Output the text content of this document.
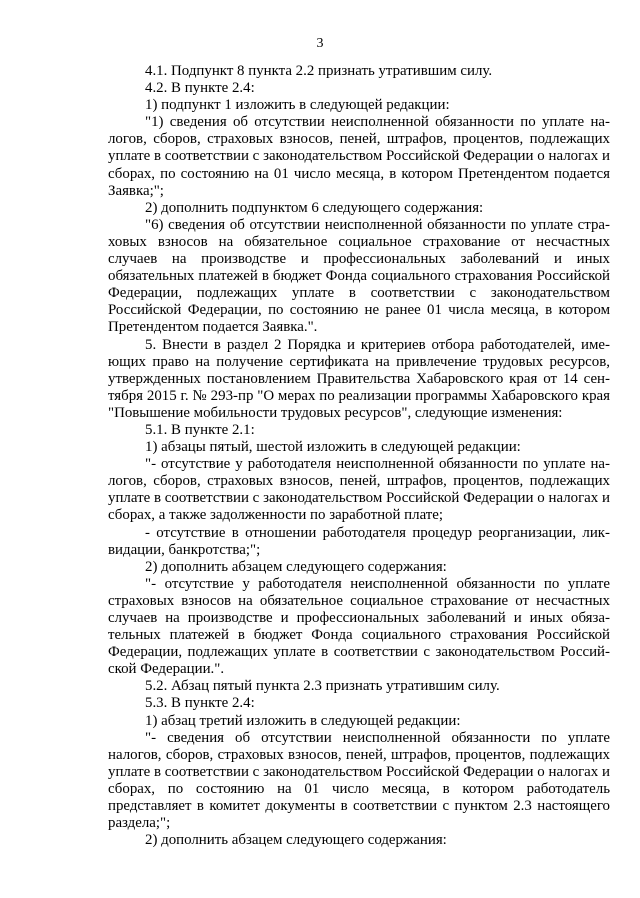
3

4.1. Подпункт 8 пункта 2.2 признать утратившим силу.

4.2. В пункте 2.4:

1) подпункт 1 изложить в следующей редакции:

"1) сведения об отсутствии неисполненной обязанности по уплате налогов, сборов, страховых взносов, пеней, штрафов, процентов, подлежащих уплате в соответствии с законодательством Российской Федерации о налогах и сборах, по состоянию на 01 число месяца, в котором Претендентом подается Заявка;";

2) дополнить подпунктом 6 следующего содержания:

"6) сведения об отсутствии неисполненной обязанности по уплате страховых взносов на обязательное социальное страхование от несчастных случаев на производстве и профессиональных заболеваний и иных обязательных платежей в бюджет Фонда социального страхования Российской Федерации, подлежащих уплате в соответствии с законодательством Российской Федерации, по состоянию не ранее 01 числа месяца, в котором Претендентом подается Заявка.".

5. Внести в раздел 2 Порядка и критериев отбора работодателей, имеющих право на получение сертификата на привлечение трудовых ресурсов, утвержденных постановлением Правительства Хабаровского края от 14 сентября 2015 г. № 293-пр "О мерах по реализации программы Хабаровского края "Повышение мобильности трудовых ресурсов", следующие изменения:

5.1. В пункте 2.1:

1) абзацы пятый, шестой изложить в следующей редакции:

"- отсутствие у работодателя неисполненной обязанности по уплате налогов, сборов, страховых взносов, пеней, штрафов, процентов, подлежащих уплате в соответствии с законодательством Российской Федерации о налогах и сборах, а также задолженности по заработной плате;

- отсутствие в отношении работодателя процедур реорганизации, ликвидации, банкротства;";

2) дополнить абзацем следующего содержания:

"- отсутствие у работодателя неисполненной обязанности по уплате страховых взносов на обязательное социальное страхование от несчастных случаев на производстве и профессиональных заболеваний и иных обязательных платежей в бюджет Фонда социального страхования Российской Федерации, подлежащих уплате в соответствии с законодательством Российской Федерации.".

5.2. Абзац пятый пункта 2.3 признать утратившим силу.

5.3. В пункте 2.4:

1) абзац третий изложить в следующей редакции:

"- сведения об отсутствии неисполненной обязанности по уплате налогов, сборов, страховых взносов, пеней, штрафов, процентов, подлежащих уплате в соответствии с законодательством Российской Федерации о налогах и сборах, по состоянию на 01 число месяца, в котором работодатель представляет в комитет документы в соответствии с пунктом 2.3 настоящего раздела;";

2) дополнить абзацем следующего содержания:
